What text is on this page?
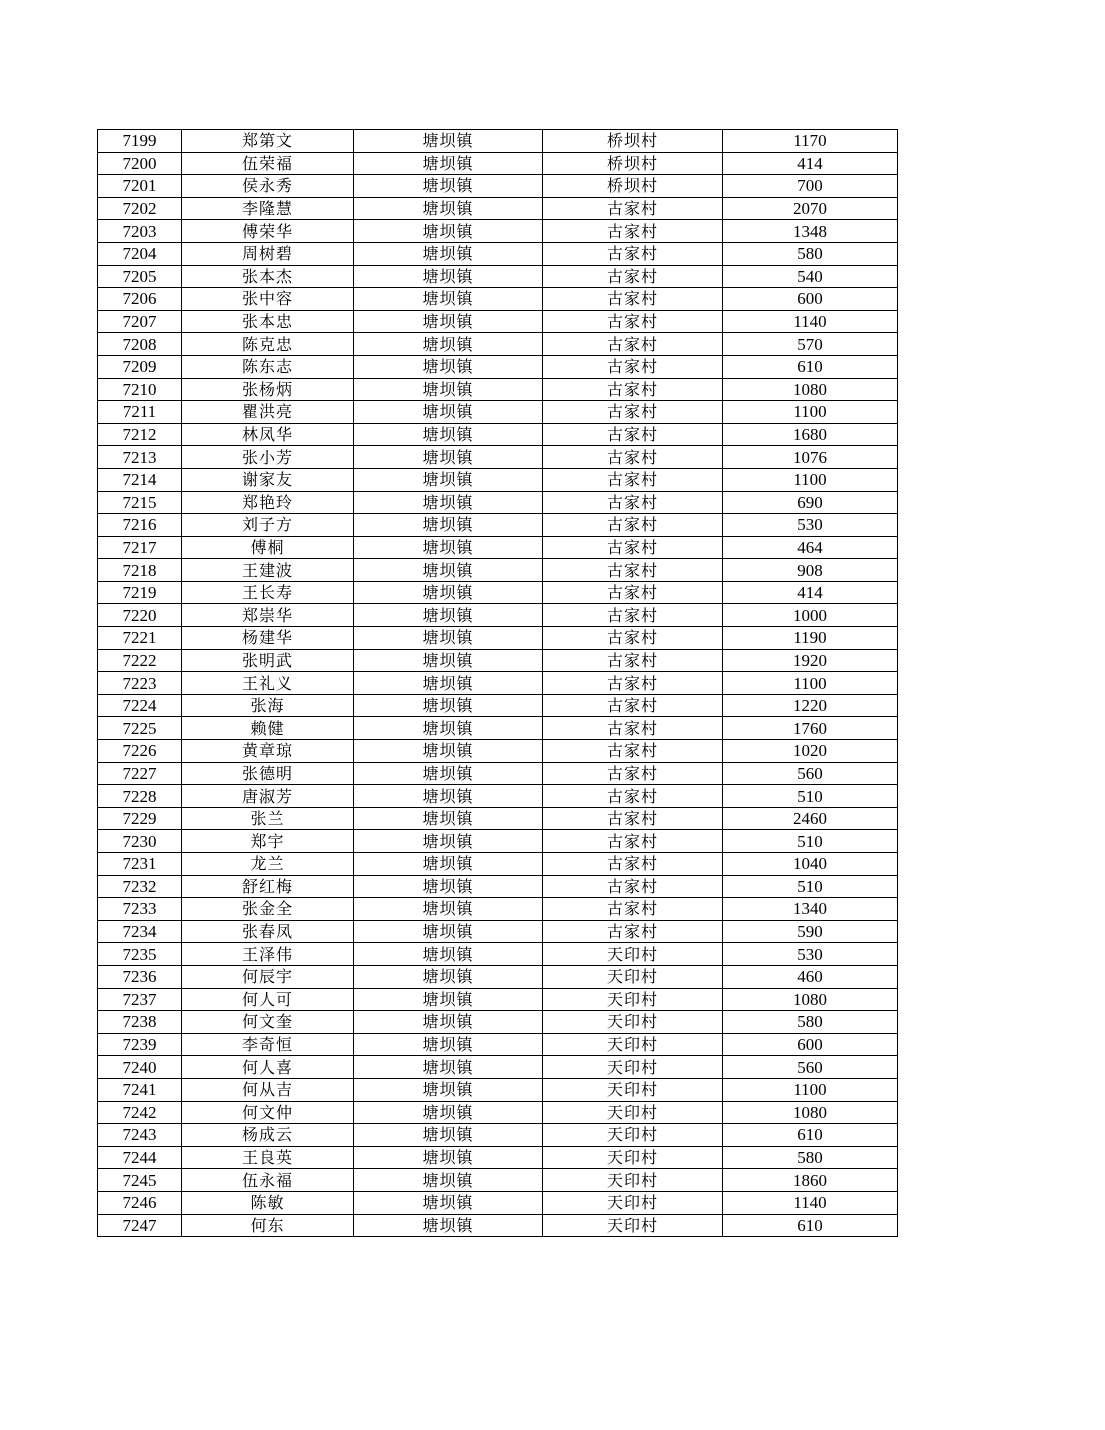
7199	郑第文	塘坝镇	桥坝村	1170
7200	伍荣福	塘坝镇	桥坝村	414
7201	侯永秀	塘坝镇	桥坝村	700
7202	李隆慧	塘坝镇	古家村	2070
7203	傅荣华	塘坝镇	古家村	1348
7204	周树碧	塘坝镇	古家村	580
7205	张本杰	塘坝镇	古家村	540
7206	张中容	塘坝镇	古家村	600
7207	张本忠	塘坝镇	古家村	1140
7208	陈克忠	塘坝镇	古家村	570
7209	陈东志	塘坝镇	古家村	610
7210	张杨炳	塘坝镇	古家村	1080
7211	瞿洪亮	塘坝镇	古家村	1100
7212	林凤华	塘坝镇	古家村	1680
7213	张小芳	塘坝镇	古家村	1076
7214	谢家友	塘坝镇	古家村	1100
7215	郑艳玲	塘坝镇	古家村	690
7216	刘子方	塘坝镇	古家村	530
7217	傅桐	塘坝镇	古家村	464
7218	王建波	塘坝镇	古家村	908
7219	王长寿	塘坝镇	古家村	414
7220	郑崇华	塘坝镇	古家村	1000
7221	杨建华	塘坝镇	古家村	1190
7222	张明武	塘坝镇	古家村	1920
7223	王礼义	塘坝镇	古家村	1100
7224	张海	塘坝镇	古家村	1220
7225	赖健	塘坝镇	古家村	1760
7226	黄章琼	塘坝镇	古家村	1020
7227	张德明	塘坝镇	古家村	560
7228	唐淑芳	塘坝镇	古家村	510
7229	张兰	塘坝镇	古家村	2460
7230	郑宇	塘坝镇	古家村	510
7231	龙兰	塘坝镇	古家村	1040
7232	舒红梅	塘坝镇	古家村	510
7233	张金全	塘坝镇	古家村	1340
7234	张春凤	塘坝镇	古家村	590
7235	王泽伟	塘坝镇	天印村	530
7236	何辰宇	塘坝镇	天印村	460
7237	何人可	塘坝镇	天印村	1080
7238	何文奎	塘坝镇	天印村	580
7239	李奇恒	塘坝镇	天印村	600
7240	何人喜	塘坝镇	天印村	560
7241	何从吉	塘坝镇	天印村	1100
7242	何文仲	塘坝镇	天印村	1080
7243	杨成云	塘坝镇	天印村	610
7244	王良英	塘坝镇	天印村	580
7245	伍永福	塘坝镇	天印村	1860
7246	陈敏	塘坝镇	天印村	1140
7247	何东	塘坝镇	天印村	610
